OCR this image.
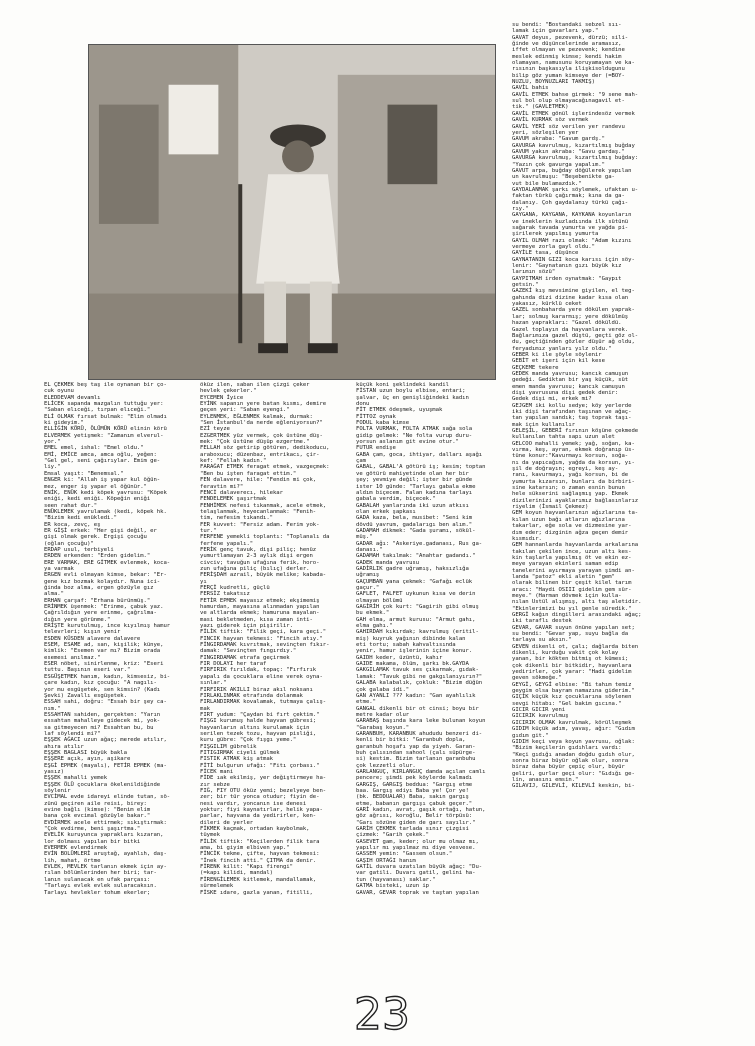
EL ÇEKMEK beş taş ile oynanan bir ço-

cuk oyunu

ELEDDEVAM devamlı

ELİCEK sapanda mazgalın tuttuğu yer:

"Saban elıceği, tırpan elıceği."

ELİ OLMAK fırsat bulmak: "Elim olmadı

ki gideyim."

ELLİĞİN KÖRÜ, ÖLÜMÜN KÖRÜ elinin körü

ELVERMEK yetişmek: "Zamanım elverul-

yor."

EMEL emel, ishal: "Emel oldu."

EMİ, EMİCE amca, amca oğlu, yeğen:

"Gel gel, seni çağırıylar. Emim ge-

liy."

Emsal yaşıt: "Benemsal."

ENGER ki: "Allah iş yapar kul öğün-

mez, enger iş yapar el öğünür."

ENİK, ENÜK kedi köpek yavrusu: "Köpek

eniği, kedi eniği. Köpeğin eniği

seen rahat dur."

ENÜKLEMEK yavrulamak (kedi, köpek hk.

"Bizim kedi enükledi."

ER koca, zevç, eş

ER GİŞİ erkek: "Her gişi değil, er

gişi olmak gerek. Ergişi çocuğu

(oğlan çocuğu)"

ERDAP usul, terbiyeli

ERDEN erkenden: "Erden gidelim."

ERE VARMAK, ERE GİTMEK evlenmek, koca-

ya varmak

ERGEN evli olmayan kimse, bekar: "Er-

gene kız bozmak kolaydır. Nuna ici-

ğinda boz alma, ergen gözüyle gız

alma."

ERHAN çarşaf: "Erhana bürünmüş."

ERİNMEK üşenmek: "Erinme, çabuk yaz.

Çağrıldığın yere erinme, çağrılma-

dığın yere görünme."

ERİŞTE kurutulmuş, ince kıyılmış hamur

televrleri; kışın yenir

ESDEN KÜSDEN alavere dalavere

ESEM, ESAME ad, san, kişilik; künye,

kimlik: "Esemen var mı? Bizim orada

esemesi anılmaz."

ESER nöbet, sinirlenme, kriz: "Eseri

tuttu. Başının eseri var."

ESGÜŞETMEK hanım, kadın, kimsesiz, bi-

çare kadın, kız çocuğu: "A nagılı-

yor mu esgüşetek, sen kimsin? (Kadı

Şevki) Zavallı esgüşetek.

ESSAH sahi, doğru: "Essah bir şey ca-

nım."

ESSAHTAN sahiden, gerçekten: "Yarın

essahtan mahalleye gidecek mi, yok-

sa gitmeyecen mi? Essahtan bu, bu

laf söylendi mi?"

EŞŞEK AĞACI uzun ağaç; merede atılır,

ahıra atılır

EŞŞEK BAGLASI büyük bakla

EŞŞERE açık, ayın, aşikare

EŞGİ EPMEK (mayalı), FETİR EPMEK (ma-

yasız)

EŞŞEK mahalli yemek

EŞŞEK ÖLÜ çocuklara ökelenildiğinde

söylenir

EVCİMAL evde idareyi elinde tutan, sö-

zünü geçiren aile reisi, birey:

evine bağlı (kimse): "Benim elim

bana çok evcimal gözüyle bakar."

EVDİRMEK acele ettirmek; sıkıştırmak:

"Çok evdirme, beni şaşırtma."

EVELİK kuruyunca yaprakları kızaran,

lor dolması yapılan bir bitki

EVERMEK evlendirmek

EVİN BOLÜMLERİ aruştağ, ayahlıh, daş-

lih, mahat, örtme

EVLEK, MEVLEK tarlanın ekmek için ay-

rılan bölümlerinden her biri; tar-

lanın sulanacak en ufak parçası:

"Tarlayı evlek evlek sularacaksın.

Tarlayı hevlekler tohum ekerler;

öküz ilen, saban ilen çizgi çeker

hevlek çekerler."

EYCEMEN İyice

EYİNK sapanın yere batan kısmı, demire

geçen yeri: "Saban eyengi."

EYLENMEK, EĞLENMEK kalmak, durmak:

"Sen İstanbul'da nerde eğleniyorsun?"

EZİ teyze

EZGERTMEK yüz vermek, çok üstüne düş-

mek: "Çok üstüne düşüp ezgertme."

FELLAH söz getirip götüren, dedikoducu,

araboxucu; düzenbaz, entrikacı, çir-

kef: "Fellah kadın."

FARAĞAT ETMEK feragat etmek, vazgeçmek:

"Ben bu işten faragat ettim."

FEN dalavere, hile: "Fendin mi çok,

feravtin mi?"

FENCİ dalaverecı, hilekar

FENDELEMEK şaşırtmak

FENHİMEK nefesi tıkanmak, acele etmek,

telaşlanmak, heyecanlanmak: "Fenih-

tim, nefesim tıkandı."

FER kuvvet: "Fersiz adam. Ferim yok-

tur."

FERFENE yemekli toplantı: "Toplanalı da

ferfene yapalı."

FERİK genç tavuk, dişi piliç; henüz

yumurtlamayan 2-3 aylık dişi ergen

civciv; tavuğun ufağına ferik, horo-

zun ufağına piliç (bılıç) derler.

FERİŞDAH azrail, büyük melike; kabada-

yı

FERÇİ kudretli, güçlü

FERSİZ takatsız

FETİR EPMEK mayasız etmek; ekşimemiş

hamurdan, mayasına alınmadan yapılan

ve altlarda ekmek; hamuruna mayalan-

masi bekletmeden, kısa zaman inti-

yazı giderek için pişirilir.

FİLİK tiftik: "Filik geçi, kara geçi."

FINCIK hayvan tekmesi: "Fincih atıy."

FİNGIRDAMAK kıvrıtmak, sevinçten fıkır-

damak: "Sevinçten fıngırdıy."

FINGIRDAMAK etrafa geçirmek

FIR DOLAYI her taraf

FIRFIRIK fırıldak, topaç: "Fırfırık

yapalı da çocuklara eline verek oyna-

sınlar."

FIRFIRIK AKILLI biraz akıl noksanı

FIRLAKLINMAK etrafında dolanmak

FIRLANDIRMAK kovalamak, tutmaya çalış-

mak

FIRT yudum: "Çaydan bi fırt çektim."

FIŞGI kurumuş halde hayvan gübresi;

hayvanların altını kurulamak için

serilen tezek tozu, hayvan pisliği,

kuru gübre: "Çok fışgı yeme."

FIŞGILIM gübrelik

FITIGIRMAK ciyeli gülmek

FISTIK ATMAK kiş atmak

FİTİ bulgurun ufağı: "Fitı çorbası."

FİCEK mani

FİDE ıak ekilmiş, yer değiştirmeye ha-

zır sebze

FIĞ, FIY OTU öküz yemi; bezelyeye ben-

zer; bir tür yonca otudur; fiyin de-

nesi vardır, yoncanın ise denesi

yoktur; fiyi kaynatırlar, helik yapa-

parlar, hayvana da yedirirler, ken-

dileri de yerler

FİKMEK kaçmak, ortadan kaybolmak,

tüymek

FİLİK tiftik: "Keçilerden filik tara

ama, bi giyim elbiven yap."

FİNCİK tekme, çifte, hayvan tekmesi:

"İnek fincih atti." ÇITMA da denir.

FİRENK kilit: "Kapı firengi"

(=kapı kilidi, mandal)

FİRENGİLEMEK kitlemek, mandallamak,

sürmelemek

FİSKE ıdare, gazla yanan, fitilli,

küçük koni şeklindeki kandil

FİSTAN uzun boylu elbise, entari;

şalvar, üç en genişliğindeki kadın

donu

FİT ETMEK ödeşmek, uyuşmak

FİTTOZ oynak

FODUL kaba kimse

FOLTA VURMAK, FOLTA ATMAK sağa sola

gidip gelmek: "Ne folta vurup duru-

yorsun aslanım git evine otur."

FUTUR endişe

GABA çam, goca, ihtiyar, dalları aşağı

çam

GABAL, GABAL'A götürü iş; kesim; toptan

ve götürü mahiyetinde olan her bir

şey; yevmiye değil; işter bir günde

ister 10 günde: "Tarlayı gabala ekme

aldım biçecem. Falan kadına tarlayı

gabala verdim, biçecek."

GABALAH yanlarında iki uzun atkısı

olan erkek şapkası

GADA kaza, bela, musibet: "Seni kim

dövdü yavrum, gadalarıgı ben alım."

GADAMAH dikmek: "Gada şuramı, sökül-

müş."

GADAR aĝı: "Askeriye.gadanası, Rus ga-

danası."

GADAMAH takılmak: "Anahtar gadandı."

GADEK manda yavrusu

GADİRLIK gadre uğramış, haksızlığa

uğramış

GAÇUMBAN yana çekmek: "Gafağı eclük

gaçur."

GAFLET, FALFET uykunun kısa ve derin

olmayan bölümü

GAGİRİH çok kurt: "Gagirih gibi olmuş

bu ekmek."

GAH elma, armut kurusu: "Armut gahı,

elma gahı."

GAHIRDAH kıkırdak; kavrulmuş (eritil-

miş) kuyruk yağının dibinde kalan

eti tortu; sabah kahvaltısında

yenir, hamur işlerinin içine konur.

GAIDH keder, üzüntü, kahır

GAIDE makama, ölüm, şarkı bk.GAYDA

GAKGILAMAK tavuk ses çıkarmak, gıdak-

lamak: "Tavuk gibi ne gakgılanıyırın?"

GALABA kalabalık, çokluk: "Bizim düğün

çok galaba idi."

GAN AYANLI ??? kadın: "Gan ayahlılık

etme."

GANGAL dikenli bir ot cinsi; boyu bir

metre kadar olur

GARABAŞ başında kara leke bulunan koyun

"Garabaş koyun."

GARANBUH, KARANBUK ahududu benzeri di-

kenli bir bitki: "Garanbuh dopla,

garanbuh hoşafı yap da yiyeh. Garan-

buh çalısından sahool (çalı süpürge-

si) kestim. Bizim tarlanın garanbuhu

çok lezzetli olur.

GARLANGUÇ, KIRLANGUÇ damda açılan camlı

pencere; şimdi pek köylerde kalmadı

GARGIŞ, GARGIŞ beddua: "Gargış etme

baa. Gargış ediyı Baba ye! Çor ye!

(bk. BEDDUALAR) Baba, sakın gargış

etme, babanın gargışı çabuk geçer."

GARİ kadın, avrat, gaşık ortağı, hatun,

göz ağrısı, koroğlu, Belir törpüsü:

"Garı sözüne giden de garı sayılır."

GARİH ÇEKMEK tarlada sınır çizgisi

çizmek: "Garih çekek."

GASEVET gam, keder; olur mu olmaz mı,

yapılır mı yapılmaz mı diye vesvese.

GASSEM yemin: "Gassem olsun."

GAŞIH ORTAĞI hanım

GATİL duvara uzatılan büyük ağaç: "Du-

var gatili. Duvarı gatil, gelini ha-

tun (hayvanası) saklar."

GATMA bisteki, uzun ip

GAVAR, GEVAR toprak ve taştan yapılan

su bendi: "Bostandaki sebzel sıı-

lamak için gavarları yap."

GAVAT deyus, pezevenk, dürzü; sili-

ğinde ve düşüncelerinde aramasız,

iffet olmayan ve pezevenk; kendine

meslek edinmiş kimse; kendi hakim

olamayan, namusunu koruyamayan ve ka-

rısının başkasıyla ilişkisoldugunu

bilip göz yuman kimseye der (=BOY-

NUZLU, BOYNUZLARI TAKMIŞ)

GAVİL bahis

GAVİL ETMEK bahse girmek: "9 sene mah-

sul bol olup olmayacağınagavil et-

tik." (GAVLETMEK)

GAVİL ETMEK gönül işlerindesöz vermek

GAVİL KURMAK söz vermek

GAVİL YERİ söz verilen yer randevu

yeri, sözleşilen yer

GAVUM akraba: "Gavum gardş."

GAVURGA kavrulmuş, kızartılmış buğday

GAVUM yakın akraba: "Gavu gardaş."

GAVURGA kavrulmuş, kızartılmış buğday:

"Yazın çok gavurga yapalım."

GAVUT arpa, buğday döğülerek yapılan

un kavrulmuşu: "Beşebenikte ga-

vut bile bulamazdık."

GAYDALANMAK şarkı söylemek, ufaktan u-

faktan türkü çağırmak; kına da ga-

dalanıy. Çoh gaydalanıy türkü çağı-

rıy."

GAYGANA, KAYGANA, KAYKANA koyunların

ve ineklerin kuzladıında ilk sütünü

sağarak tavada yumurta ve yağda pi-

şirilerek yapılmış yumurta

GAYIL OLMAH razı olmak: "Adam kızını

vermeye zorla gayl oldu."

GAYİLE tasa, düşünce

GAYNATANIN GIZI koca karısı için söy-

lenir: "Gaynatanın gızı büyük kız

larımın sözü"

GAYPITMAH irden oynatmak: "Gaypıt

getsin."

GAZEKİ kış mevsimine giyilen, el teg-

gahında dizi dizine kadar kısa olan

yakasız, kürklü ceket

GAZEL sonbaharda yere dökülen yaprak-

lar; solmuş kararmış; yere dökülmüş

hazan yaprakları: "Gazel döküldü.

Gazel toplayın da hayvanlara verek.

Bağlarımıza gazel düştü, geçti göz ol-

du, geçtiğinden gözler düşür ağ oldu,

feryadımız yanları yılz oldu."

GEBER ki ile şöyle söylenir

GEBİT et işeri için kil kese

GEÇKEME tekere

GEDEK manda yavrusu; kancık camuşun

gedeği. Gediktan bir yaş küçük, süt

emen manda yavrusu; kancık camuşun

dişi yavrusuna dişi gedek denir:

Gedek dişi mi, erkek mi?

GEJGEM iki kollu sedye; köy yerlerde

iki dişi tarafından taşınan ve ağaç-

tan yapılan sandık; taş toprak taşı-

mak için kullanılır

GELEŞİL, GEBERİ fırının köşüne çekmede

kullanılan tahta sapı uzun alet

GELCOO mahalli yemek; yağ, soğan, ka-

vırma, keş, ayran, ekmek doğranıp üs-

tüne konur:"Kavurmayı korsun, soğa-

nı da yapıcağım, yağda da korsun, yı-

şil de doğrayın; egreyi, keş ay-

ranı, kavurmayı, yağı korsun, bi de

yumurta kızarsın, bunları da birbiri-

sine katarsın; o zaman esnin bunun

hele sükserini sağlaşmış yap. Ekmek

dizilerinizi ayaklarımız bağlasınlarız

riyelim (İsmail Çekmez)

GEM koyun hayvanlarının ağızlarına ta-

kılan uzun bağı atların ağızlarına

takarlar, eğe sola ve dizmesine yar-

dım eder; dizginin ağza geçen demir

kısmıdır.

GEM hannanlarda hayvanlarda arkalarına

takılan çekilen ince, uzun altı kes-

kin taşlarla yapılmış öt ve ekin ez-

meye yarayan ekinleri saman edip

tanelerini ayırmaya yarayan şimdi an-

landa "patoz" ekli aletin "gem"

olarak bilinen bir çeşit kilel tarım

aracı: "Haydi OSIII gidelim gem sür-

meye." (Harman dövmek için kulla-

nılan Ustül alışmış, altı taş aletidir.

"Ekinlerimizi bu yıl genle süredik."

GERGİ kağın dingilleri arasındaki ağaç;

iki taraflı destek

GEVAR, GAVAR suyun önüne yapılan set;

su bendi: "Gevar yap, suyu bağla da

tarlaya su aksın."

GEVEN dikenli ot, çalı; dağlarda biten

dikenli, kurduğu vakit çok kolay

yanan, bir kökten bitmiş ot kümesi;

çok dikenli bir bitkidir, hayvanlara

yedirirler, çok yarar: "Hadi gidelim

geven sökmeğe."

GEYGİ, GEYGİ elbise: "Bi tahım temiz

geygim olsa bayram namazına giderim."

GIÇİK küçük kız çocuklarına söylenen

sevgi hitabı: "Gel bakim gıcına."

GICIR GICIR yeni

GICIRIK kavrulmuş

GICIRIK OLMAK kavrulmak, körülleşmek

GIDIM küçük adım, yavaş, ağır: "Gıdım

gıdım git."

GIDIH keçi veya koyun yavrusu, oğlak:

"Bizim keçilerin gıdıhları vardı:

"Keçi gıdığı anadan doğdu gıdıh olur,

sonra biraz büyür oğlak olur, sonra

biraz daha büyür çepiç olur, büyür

geliri, gurlar geçi olur: "Gıdığı ge-

lin, anasını emsin."

GILAVIJ, GILEVLİ, KILEVLİ keskin, bi-

23
